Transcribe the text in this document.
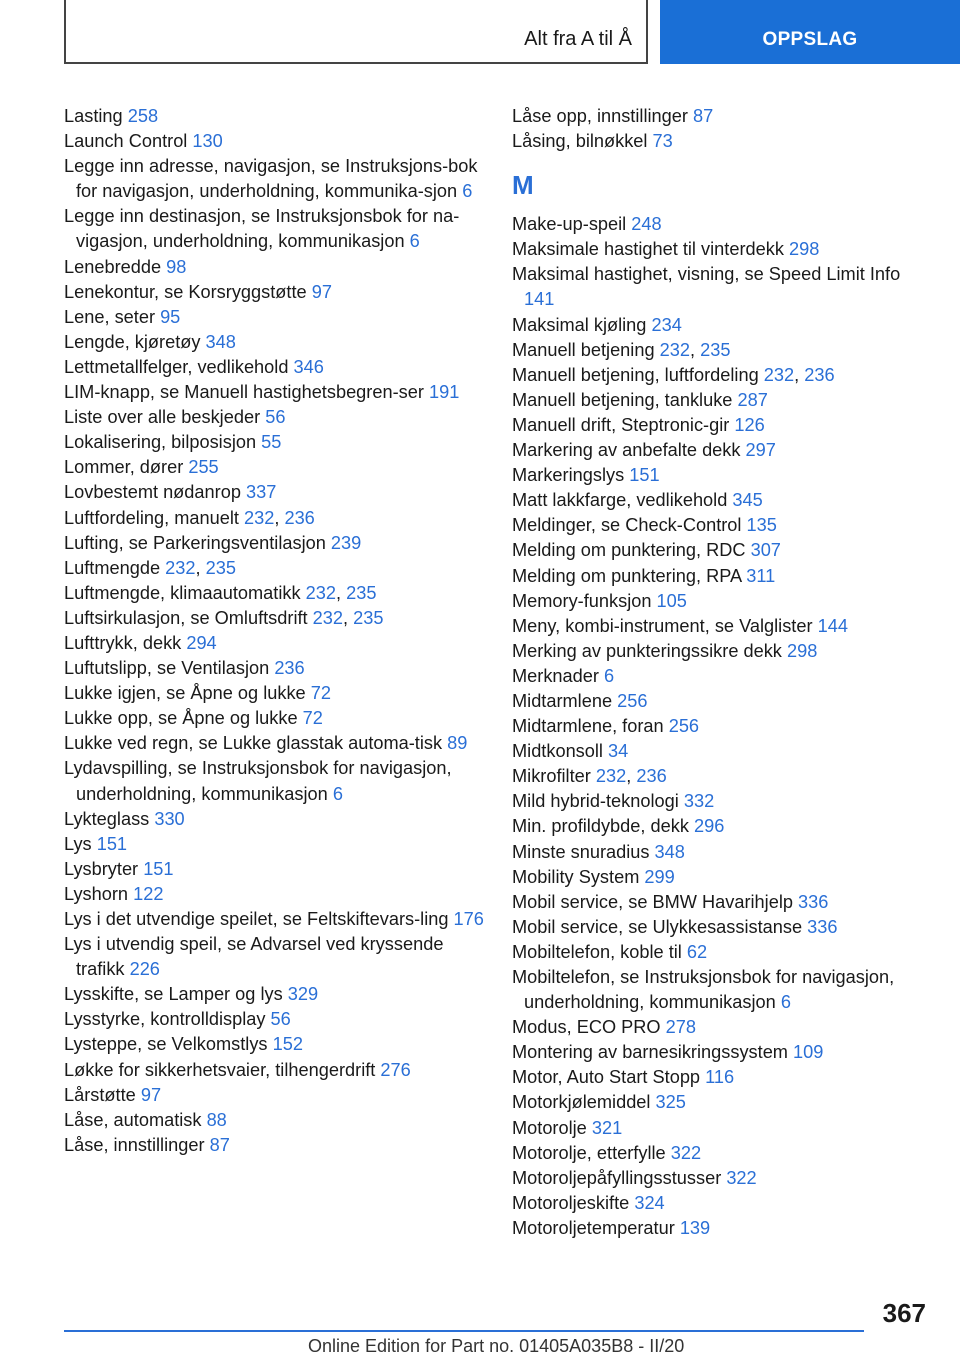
Alt fra A til Å	OPPSLAG
Lasting 258
Launch Control 130
Legge inn adresse, navigasjon, se Instruksjons‐bok for navigasjon, underholdning, kommunika‐sjon 6
Legge inn destinasjon, se Instruksjonsbok for na‐vigasjon, underholdning, kommunikasjon 6
Lenebredde 98
Lenekontur, se Korsryggstøtte 97
Lene, seter 95
Lengde, kjøretøy 348
Lettmetallfelger, vedlikehold 346
LIM-knapp, se Manuell hastighetsbegren‐ser 191
Liste over alle beskjeder 56
Lokalisering, bilposisjon 55
Lommer, dører 255
Lovbestemt nødanrop 337
Luftfordeling, manuelt 232, 236
Lufting, se Parkeringsventilasjon 239
Luftmengde 232, 235
Luftmengde, klimaautomatikk 232, 235
Luftsirkulasjon, se Omluftsdrift 232, 235
Lufttrykk, dekk 294
Luftutslipp, se Ventilasjon 236
Lukke igjen, se Åpne og lukke 72
Lukke opp, se Åpne og lukke 72
Lukke ved regn, se Lukke glasstak automa‐tisk 89
Lydavspilling, se Instruksjonsbok for navigasjon, underholdning, kommunikasjon 6
Lykteglass 330
Lys 151
Lysbryter 151
Lyshorn 122
Lys i det utvendige speilet, se Feltskiftevars‐ling 176
Lys i utvendig speil, se Advarsel ved kryssende trafikk 226
Lysskifte, se Lamper og lys 329
Lysstyrke, kontrolldisplay 56
Lysteppe, se Velkomstlys 152
Løkke for sikkerhetsvaier, tilhengerdrift 276
Lårstøtte 97
Låse, automatisk 88
Låse, innstillinger 87
Låse opp, innstillinger 87
Låsing, bilnøkkel 73
M
Make-up-speil 248
Maksimale hastighet til vinterdekk 298
Maksimal hastighet, visning, se Speed Limit Info 141
Maksimal kjøling 234
Manuell betjening 232, 235
Manuell betjening, luftfordeling 232, 236
Manuell betjening, tankluke 287
Manuell drift, Steptronic-gir 126
Markering av anbefalte dekk 297
Markeringslys 151
Matt lakkfarge, vedlikehold 345
Meldinger, se Check-Control 135
Melding om punktering, RDC 307
Melding om punktering, RPA 311
Memory-funksjon 105
Meny, kombi-instrument, se Valglister 144
Merking av punkteringssikre dekk 298
Merknader 6
Midtarmlene 256
Midtarmlene, foran 256
Midtkonsoll 34
Mikrofilter 232, 236
Mild hybrid-teknologi 332
Min. profildybde, dekk 296
Minste snuradius 348
Mobility System 299
Mobil service, se BMW Havarihjelp 336
Mobil service, se Ulykkesassistanse 336
Mobiltelefon, koble til 62
Mobiltelefon, se Instruksjonsbok for navigasjon, underholdning, kommunikasjon 6
Modus, ECO PRO 278
Montering av barnesikringssystem 109
Motor, Auto Start Stopp 116
Motorkjølemiddel 325
Motorolje 321
Motorolje, etterfylle 322
Motoroljepåfyllingsstusser 322
Motoroljeskifte 324
Motoroljetemperatur 139
367
Online Edition for Part no. 01405A035B8 - II/20
